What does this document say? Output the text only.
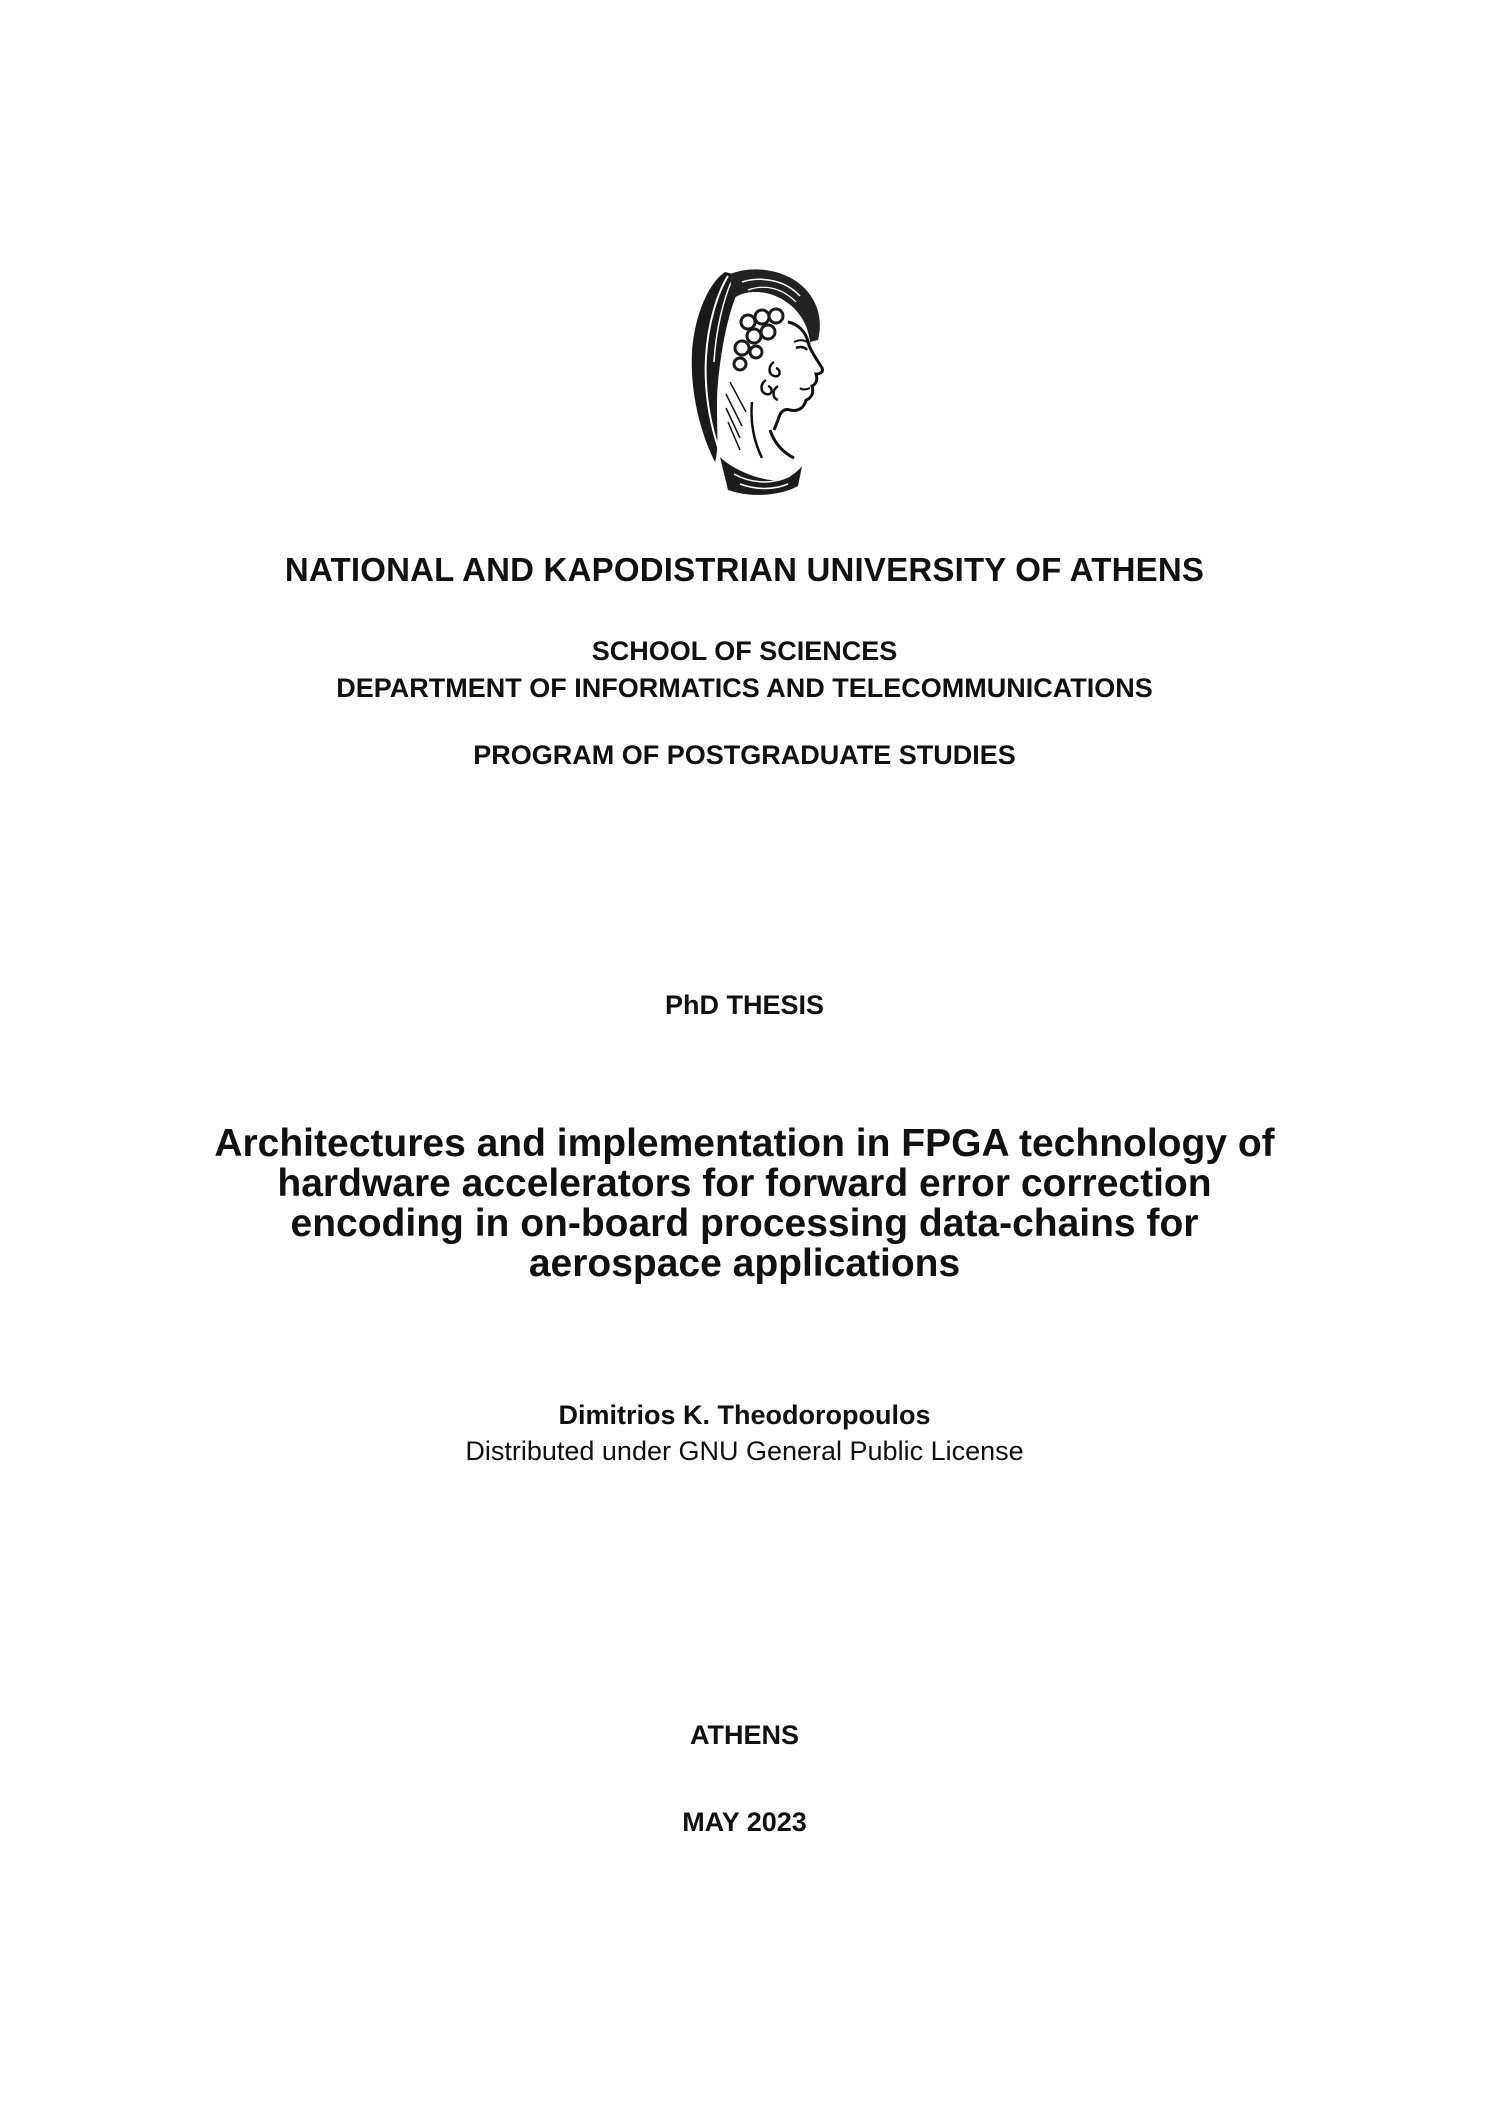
NATIONAL AND KAPODISTRIAN UNIVERSITY OF ATHENS
SCHOOL OF SCIENCES
DEPARTMENT OF INFORMATICS AND TELECOMMUNICATIONS
PROGRAM OF POSTGRADUATE STUDIES
PhD THESIS
Architectures and implementation in FPGA technology of
hardware accelerators for forward error correction
encoding in on-board processing data-chains for
aerospace applications
Dimitrios K. Theodoropoulos
Distributed under GNU General Public License
ATHENS
MAY 2023
